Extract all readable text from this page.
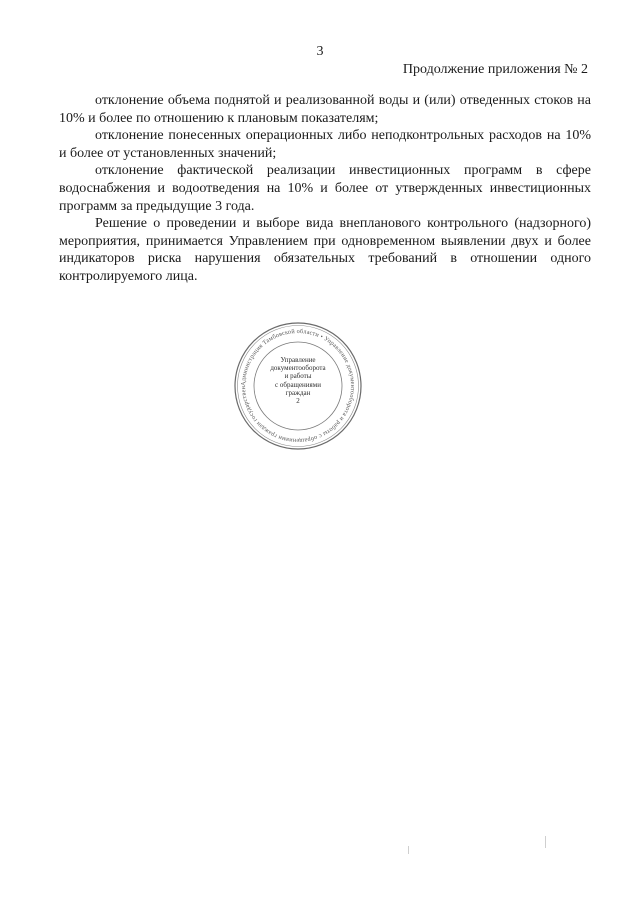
3
Продолжение приложения № 2

отклонение объема поднятой и реализованной воды и (или) отведенных стоков на 10% и более по отношению к плановым показателям;

отклонение понесенных операционных либо неподконтрольных расходов на 10% и более от установленных значений;

отклонение фактической реализации инвестиционных программ в сфере водоснабжения и водоотведения на 10% и более от утвержденных инвестиционных программ за предыдущие 3 года.

Решение о проведении и выборе вида внепланового контрольного (надзорного) мероприятия, принимается Управлением при одновременном выявлении двух и более индикаторов риска нарушения обязательных требований в отношении одного контролируемого лица.

Администрация Тамбовской области • Управление документооборота и работы с обращениями граждан государствен
Управление
документооборота
и работы
с обращениями
граждан
2
